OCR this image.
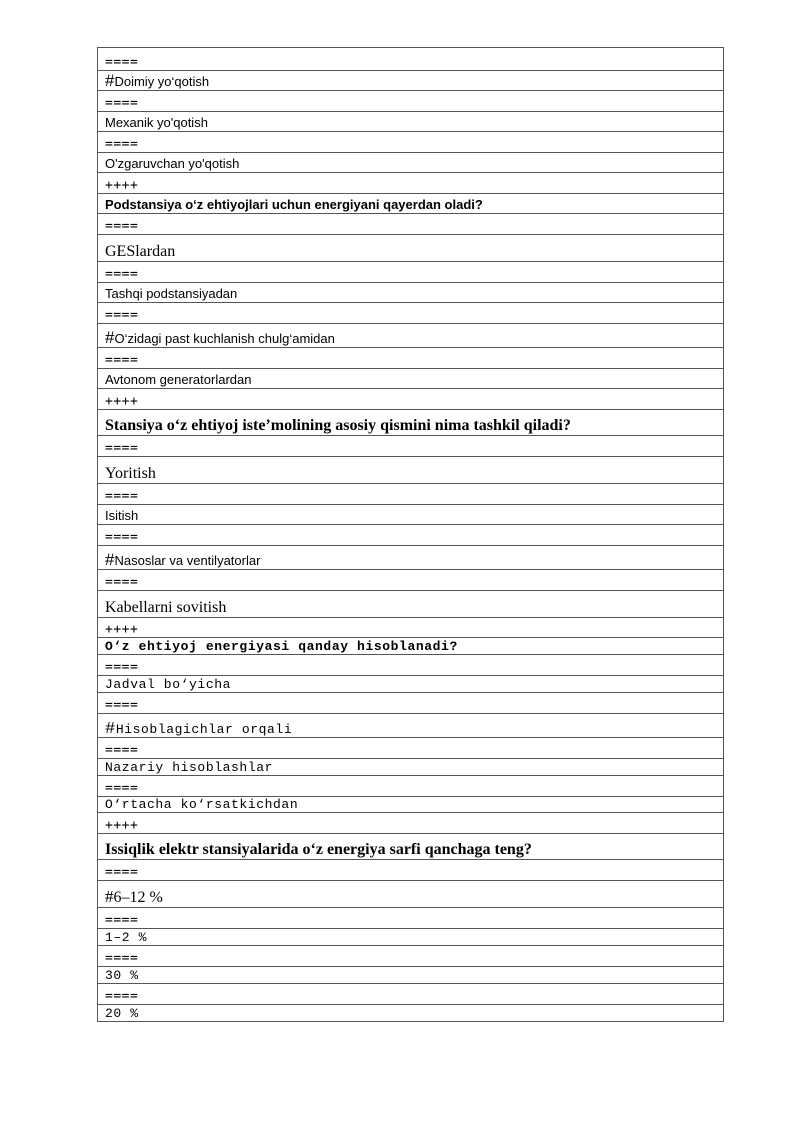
====
#Doimiy yo‘qotish
====
Mexanik yo'qotish
====
O'zgaruvchan yo'qotish
++++
Podstansiya o‘z ehtiyojlari uchun energiyani qayerdan oladi?
====
GESlardan
====
Tashqi podstansiyadan
====
#O‘zidagi past kuchlanish chulg‘amidan
====
Avtonom generatorlardan
++++
Stansiya o‘z ehtiyoj iste’molining asosiy qismini nima tashkil qiladi?
====
Yoritish
====
Isitish
====
#Nasoslar va ventilyatorlar
====
Kabellarni sovitish
++++
O‘z ehtiyoj energiyasi qanday hisoblanadi?
====
Jadval bo‘yicha
====
#Hisoblagichlar orqali
====
Nazariy hisoblashlar
====
O‘rtacha ko‘rsatkichdan
++++
Issiqlik elektr stansiyalarida o‘z energiya sarfi qanchaga teng?
====
#6–12 %
====
1–2 %
====
30 %
====
20 %
